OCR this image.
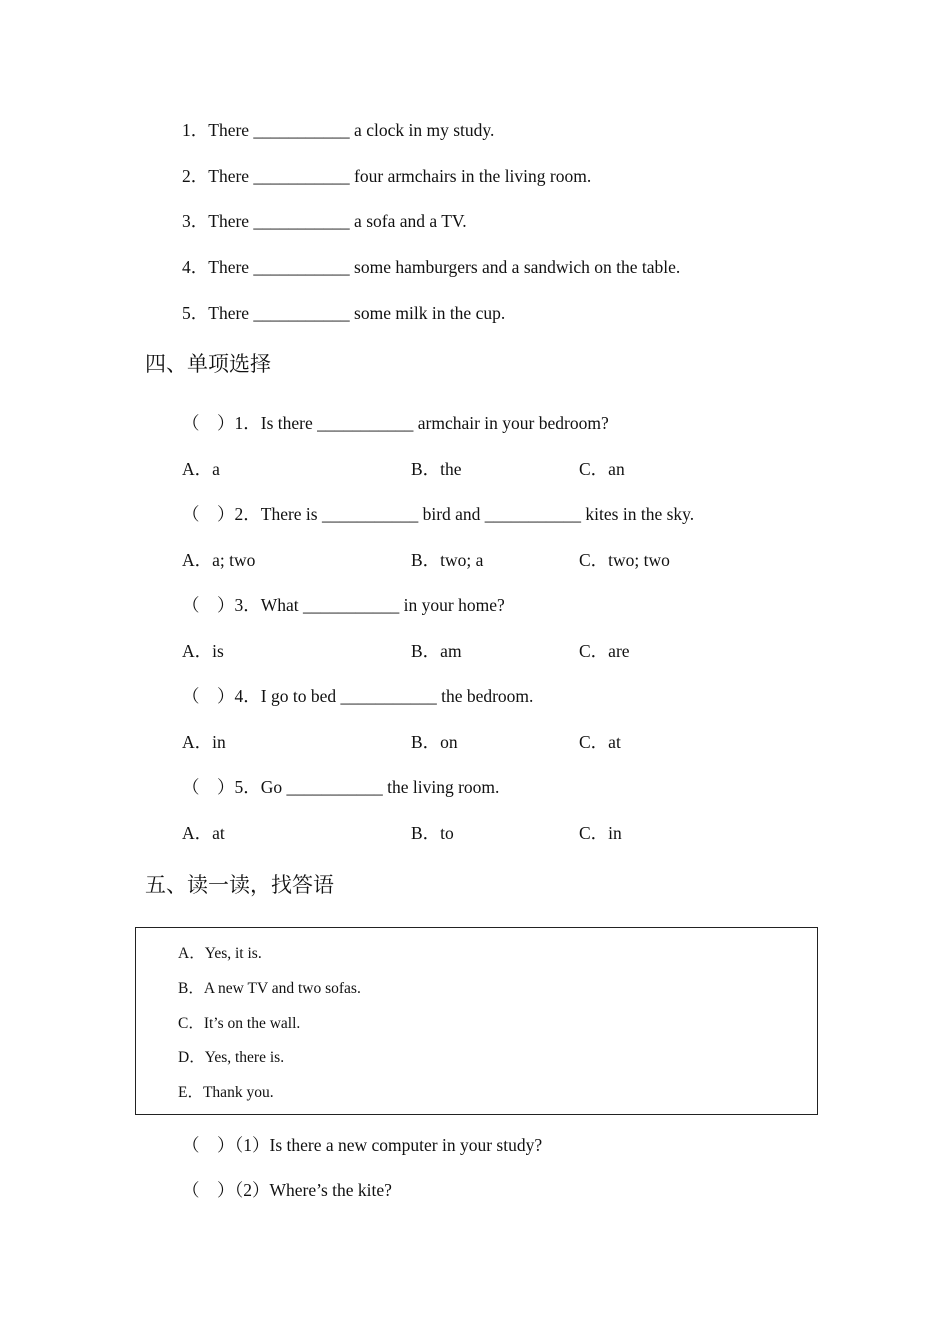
1．There ___________ a clock in my study.
2．There ___________ four armchairs in the living room.
3．There ___________ a sofa and a TV.
4．There ___________ some hamburgers and a sandwich on the table.
5．There ___________ some milk in the cup.
四、单项选择
（　）1．Is there ___________ armchair in your bedroom?
A．a	B．the	C．an
（　）2．There is ___________ bird and ___________ kites in the sky.
A．a; two	B．two; a	C．two; two
（　）3．What ___________ in your home?
A．is	B．am	C．are
（　）4．I go to bed ___________ the bedroom.
A．in	B．on	C．at
（　）5．Go ___________ the living room.
A．at	B．to	C．in
五、读一读，找答语
A．Yes, it is.
B．A new TV and two sofas.
C．It’s on the wall.
D．Yes, there is.
E．Thank you.
（　）（1）Is there a new computer in your study?
（　）（2）Where’s the kite?
